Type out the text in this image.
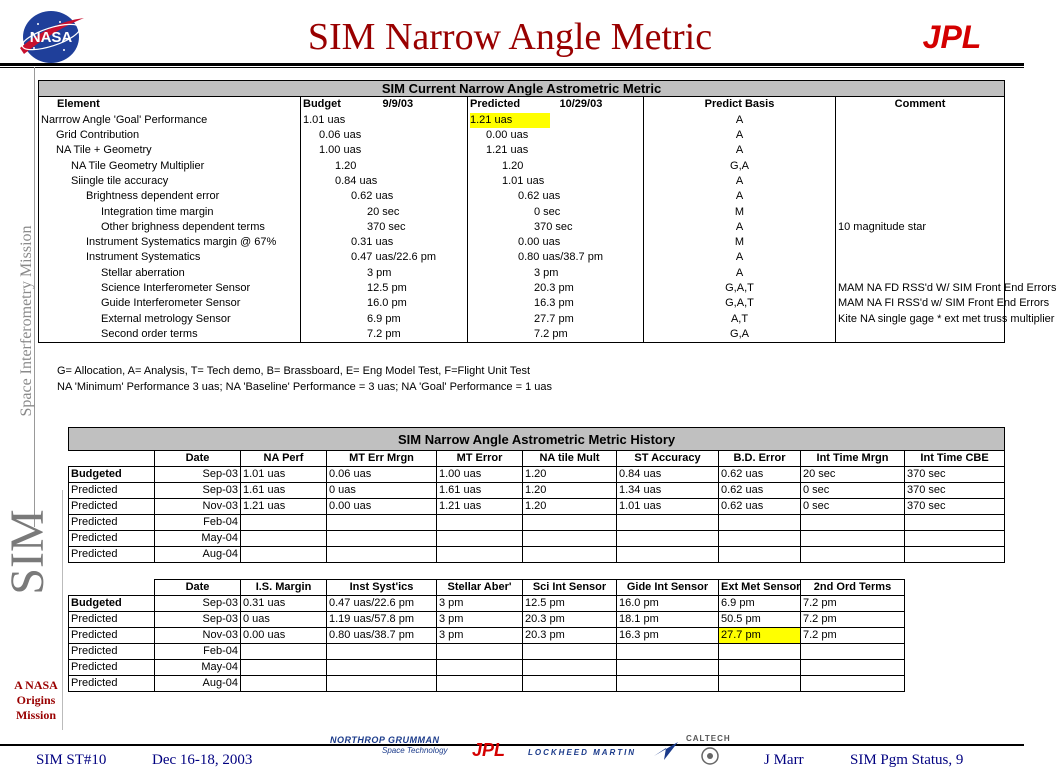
NASA	SIM Narrow Angle Metric	JPL
Space Interferometry Mission
SIM
A NASA
Origins
Mission
SIM Current Narrow Angle Astrometric Metric						
Element	Budget	9/9/03	Predicted	10/29/03	Predict Basis	Comment
Narrrow Angle 'Goal' Performance	1.01 uas		1.21 uas		A	
Grid Contribution	0.06 uas		0.00 uas		A	
NA Tile + Geometry	1.00 uas		1.21 uas		A	
NA Tile Geometry Multiplier	1.20		1.20		G,A	
Siingle tile accuracy	0.84 uas		1.01 uas		A	
Brightness dependent error	0.62 uas		0.62 uas		A	
Integration time margin	20 sec		0 sec		M	
Other brighness dependent terms	370 sec		370 sec		A	10 magnitude star
Instrument Systematics margin @ 67%	0.31 uas		0.00 uas		M	
Instrument Systematics	0.47 uas/22.6 pm		0.80 uas/38.7 pm		A	
Stellar aberration	3 pm		3 pm		A	
Science Interferometer Sensor	12.5 pm		20.3 pm		G,A,T	MAM NA FD RSS'd W/ SIM Front End Errors
Guide Interferometer Sensor	16.0 pm		16.3 pm		G,A,T	MAM NA FI RSS'd w/ SIM Front End Errors
External metrology Sensor	6.9 pm		27.7 pm		A,T	Kite NA single gage * ext met truss multiplier
Second order terms	7.2 pm		7.2 pm		G,A	
G= Allocation, A= Analysis, T= Tech demo, B= Brassboard, E= Eng Model Test, F=Flight Unit Test
NA 'Minimum' Performance 3 uas; NA 'Baseline' Performance = 3 uas; NA 'Goal' Performance = 1 uas
SIM Narrow Angle Astrometric Metric History									
	Date	NA Perf	MT Err Mrgn	MT Error	NA tile Mult	ST Accuracy	B.D. Error	Int Time Mrgn	Int Time CBE
Budgeted	Sep-03	1.01 uas	0.06 uas	1.00 uas	1.20	0.84 uas	0.62 uas	20 sec	370 sec
Predicted	Sep-03	1.61 uas	0 uas	1.61 uas	1.20	1.34 uas	0.62 uas	0 sec	370 sec
Predicted	Nov-03	1.21 uas	0.00 uas	1.21 uas	1.20	1.01 uas	0.62 uas	0 sec	370 sec
Predicted	Feb-04								
Predicted	May-04								
Predicted	Aug-04								
	Date	I.S. Margin	Inst Syst'ics	Stellar Aber'	Sci Int Sensor	Gide Int Sensor	Ext Met Sensor	2nd Ord Terms
Budgeted	Sep-03	0.31 uas	0.47 uas/22.6 pm	3 pm	12.5 pm	16.0 pm	6.9 pm	7.2 pm
Predicted	Sep-03	0 uas	1.19 uas/57.8 pm	3 pm	20.3 pm	18.1 pm	50.5 pm	7.2 pm
Predicted	Nov-03	0.00 uas	0.80 uas/38.7 pm	3 pm	20.3 pm	16.3 pm	27.7 pm	7.2 pm
Predicted	Feb-04							
Predicted	May-04							
Predicted	Aug-04							
SIM ST#10	Dec 16-18, 2003
NORTHROP GRUMMAN
Space Technology	JPL	LOCKHEED MARTIN
CALTECH
J Marr	SIM Pgm Status, 9
